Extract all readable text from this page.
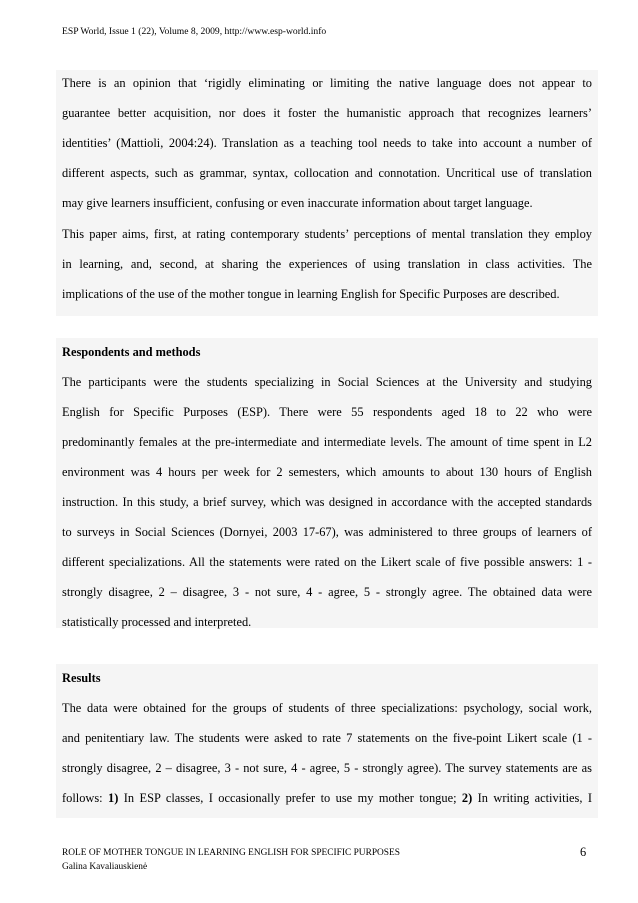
ESP World, Issue 1 (22), Volume 8, 2009, http://www.esp-world.info
There is an opinion that ‘rigidly eliminating or limiting the native language does not appear to
guarantee better acquisition, nor does it foster the humanistic approach that recognizes learners’
identities’ (Mattioli, 2004:24). Translation as a teaching tool needs to take into account a number of
different aspects, such as grammar, syntax, collocation and connotation. Uncritical use of translation
may give learners insufficient, confusing or even inaccurate information about target language.
This paper aims, first, at rating contemporary students’ perceptions of mental translation they employ
in learning, and, second, at sharing the experiences of using translation in class activities. The
implications of the use of the mother tongue in learning English for Specific Purposes are described.
Respondents and methods
The participants were the students specializing in Social Sciences at the University and studying
English for Specific Purposes (ESP). There were 55 respondents aged 18 to 22 who were
predominantly females at the pre-intermediate and intermediate levels. The amount of time spent in L2
environment was 4 hours per week for 2 semesters, which amounts to about 130 hours of English
instruction. In this study, a brief survey, which was designed in accordance with the accepted standards
to surveys in Social Sciences (Dornyei, 2003 17-67), was administered to three groups of learners of
different specializations. All the statements were rated on the Likert scale of five possible answers: 1 -
strongly disagree, 2 – disagree, 3 - not sure, 4 - agree, 5 - strongly agree. The obtained data were
statistically processed and interpreted.
Results
The data were obtained for the groups of students of three specializations: psychology, social work,
and penitentiary law. The students were asked to rate 7 statements on the five-point Likert scale (1 -
strongly disagree, 2 – disagree, 3 - not sure, 4 - agree, 5 - strongly agree). The survey statements are as
follows: 1) In ESP classes, I occasionally prefer to use my mother tongue; 2) In writing activities, I
ROLE OF MOTHER TONGUE IN LEARNING ENGLISH FOR SPECIFIC PURPOSES
Galina Kavaliauskienė
6
